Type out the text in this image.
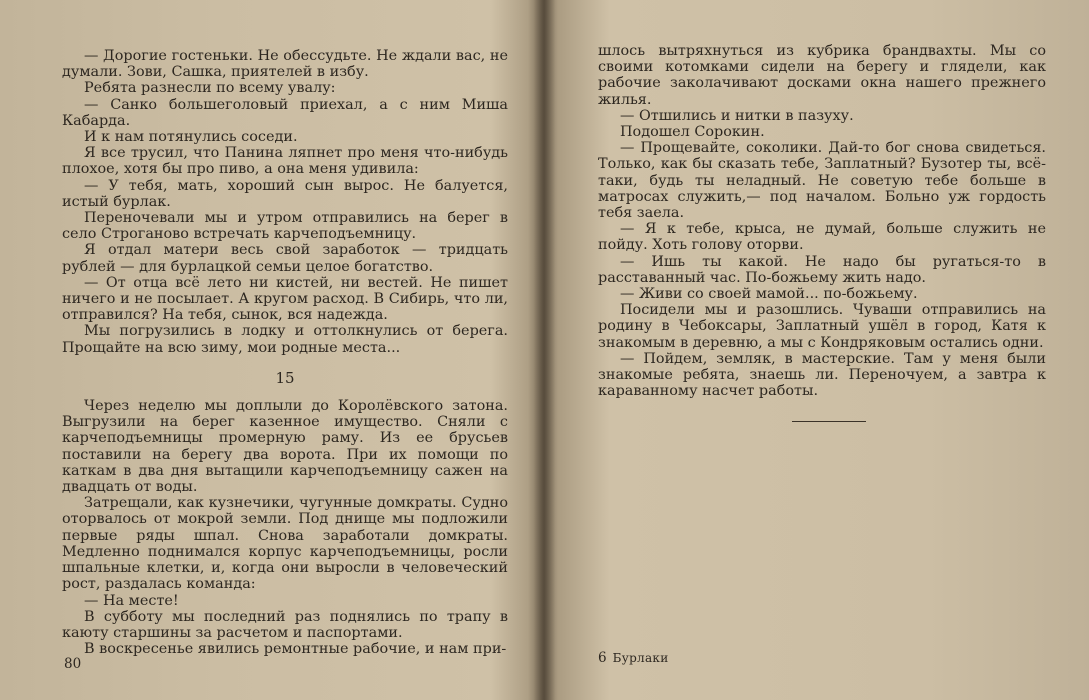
— Дорогие гостеньки. Не обессудьте. Не ждали вас, не думали. Зови, Сашка, приятелей в избу.

Ребята разнесли по всему увалу:

— Санко большеголовый приехал, а с ним Миша Кабарда.

И к нам потянулись соседи.

Я все трусил, что Панина ляпнет про меня что-нибудь плохое, хотя бы про пиво, а она меня удивила:

— У тебя, мать, хороший сын вырос. Не балуется, истый бурлак.

Переночевали мы и утром отправились на берег в село Строганово встречать карчеподъемницу.

Я отдал матери весь свой заработок — тридцать рублей — для бурлацкой семьи целое богатство.

— От отца всё лето ни кистей, ни вестей. Не пишет ничего и не посылает. А кругом расход. В Сибирь, что ли, отправился? На тебя, сынок, вся надежда.

Мы погрузились в лодку и оттолкнулись от берега. Прощайте на всю зиму, мои родные места...

15

Через неделю мы доплыли до Королёвского затона. Выгрузили на берег казенное имущество. Сняли с карчеподъемницы промерную раму. Из ее брусьев поставили на берегу два ворота. При их помощи по каткам в два дня вытащили карчеподъемницу сажен на двадцать от воды.

Затрещали, как кузнечики, чугунные домкраты. Судно оторвалось от мокрой земли. Под днище мы подложили первые ряды шпал. Снова заработали домкраты. Медленно поднимался корпус карчеподъемницы, росли шпальные клетки, и, когда они выросли в человеческий рост, раздалась команда:

— На месте!

В субботу мы последний раз поднялись по трапу в каюту старшины за расчетом и паспортами.

В воскресенье явились ремонтные рабочие, и нам при-

80

шлось вытряхнуться из кубрика брандвахты. Мы со своими котомками сидели на берегу и глядели, как рабочие заколачивают досками окна нашего прежнего жилья.

— Отшились и нитки в пазуху.

Подошел Сорокин.

— Прощевайте, соколики. Дай-то бог снова свидеться. Только, как бы сказать тебе, Заплатный? Бузотер ты, всё-таки, будь ты неладный. Не советую тебе больше в матросах служить,— под началом. Больно уж гордость тебя заела.

— Я к тебе, крыса, не думай, больше служить не пойду. Хоть голову оторви.

— Ишь ты какой. Не надо бы ругаться-то в расставанный час. По-божьему жить надо.

— Живи со своей мамой... по-божьему.

Посидели мы и разошлись. Чуваши отправились на родину в Чебоксары, Заплатный ушёл в город, Катя к знакомым в деревню, а мы с Кондряковым остались одни.

— Пойдем, земляк, в мастерские. Там у меня были знакомые ребята, знаешь ли. Переночуем, а завтра к караванному насчет работы.

6 Бурлаки
